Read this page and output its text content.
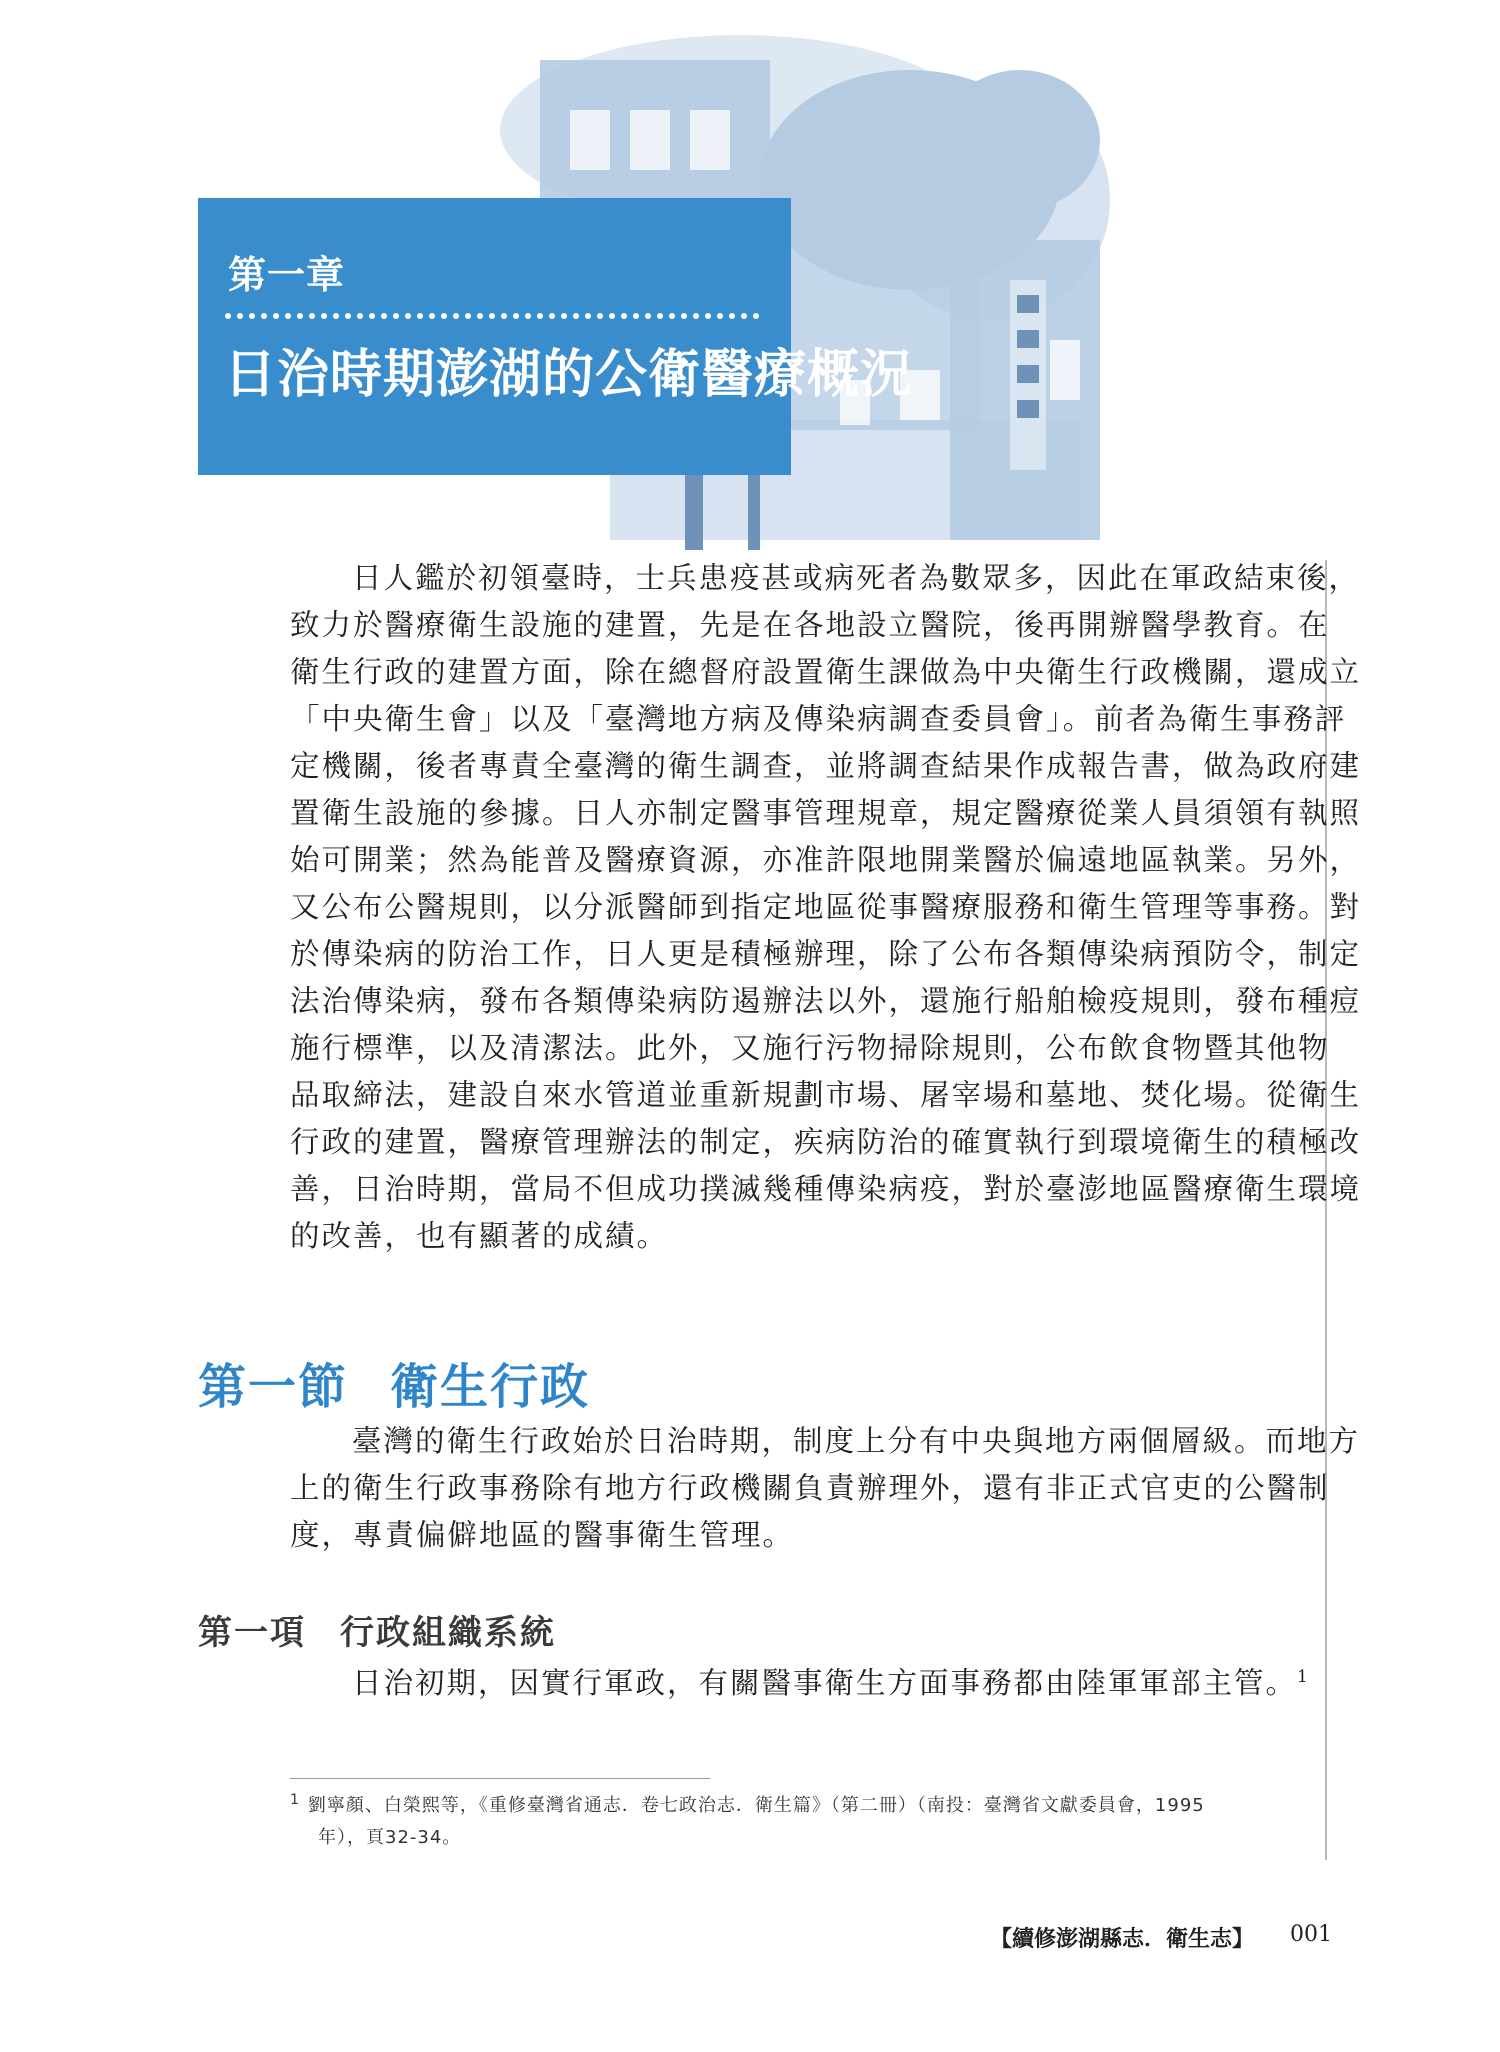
第一章
日治時期澎湖的公衛醫療概況
日人鑑於初領臺時，士兵患疫甚或病死者為數眾多，因此在軍政結束後，
致力於醫療衛生設施的建置，先是在各地設立醫院，後再開辦醫學教育。在
衛生行政的建置方面，除在總督府設置衛生課做為中央衛生行政機關，還成立
「中央衛生會」以及「臺灣地方病及傳染病調查委員會」。前者為衛生事務評
定機關，後者專責全臺灣的衛生調查，並將調查結果作成報告書，做為政府建
置衛生設施的參據。日人亦制定醫事管理規章，規定醫療從業人員須領有執照
始可開業；然為能普及醫療資源，亦准許限地開業醫於偏遠地區執業。另外，
又公布公醫規則，以分派醫師到指定地區從事醫療服務和衛生管理等事務。對
於傳染病的防治工作，日人更是積極辦理，除了公布各類傳染病預防令，制定
法治傳染病，發布各類傳染病防遏辦法以外，還施行船舶檢疫規則，發布種痘
施行標準，以及清潔法。此外，又施行污物掃除規則，公布飲食物暨其他物
品取締法，建設自來水管道並重新規劃市場、屠宰場和墓地、焚化場。從衛生
行政的建置，醫療管理辦法的制定，疾病防治的確實執行到環境衛生的積極改
善，日治時期，當局不但成功撲滅幾種傳染病疫，對於臺澎地區醫療衛生環境
的改善，也有顯著的成績。
第一節 衛生行政
臺灣的衛生行政始於日治時期，制度上分有中央與地方兩個層級。而地方
上的衛生行政事務除有地方行政機關負責辦理外，還有非正式官吏的公醫制
度，專責偏僻地區的醫事衛生管理。
第一項 行政組織系統
日治初期，因實行軍政，有關醫事衛生方面事務都由陸軍軍部主管。$^1$
$^1$ 劉寧顏、白榮熙等，《重修臺灣省通志．卷七政治志．衛生篇》（第二冊）（南投：臺灣省文獻委員會，1995
年），頁32-34。
【續修澎湖縣志．衛生志】 001
